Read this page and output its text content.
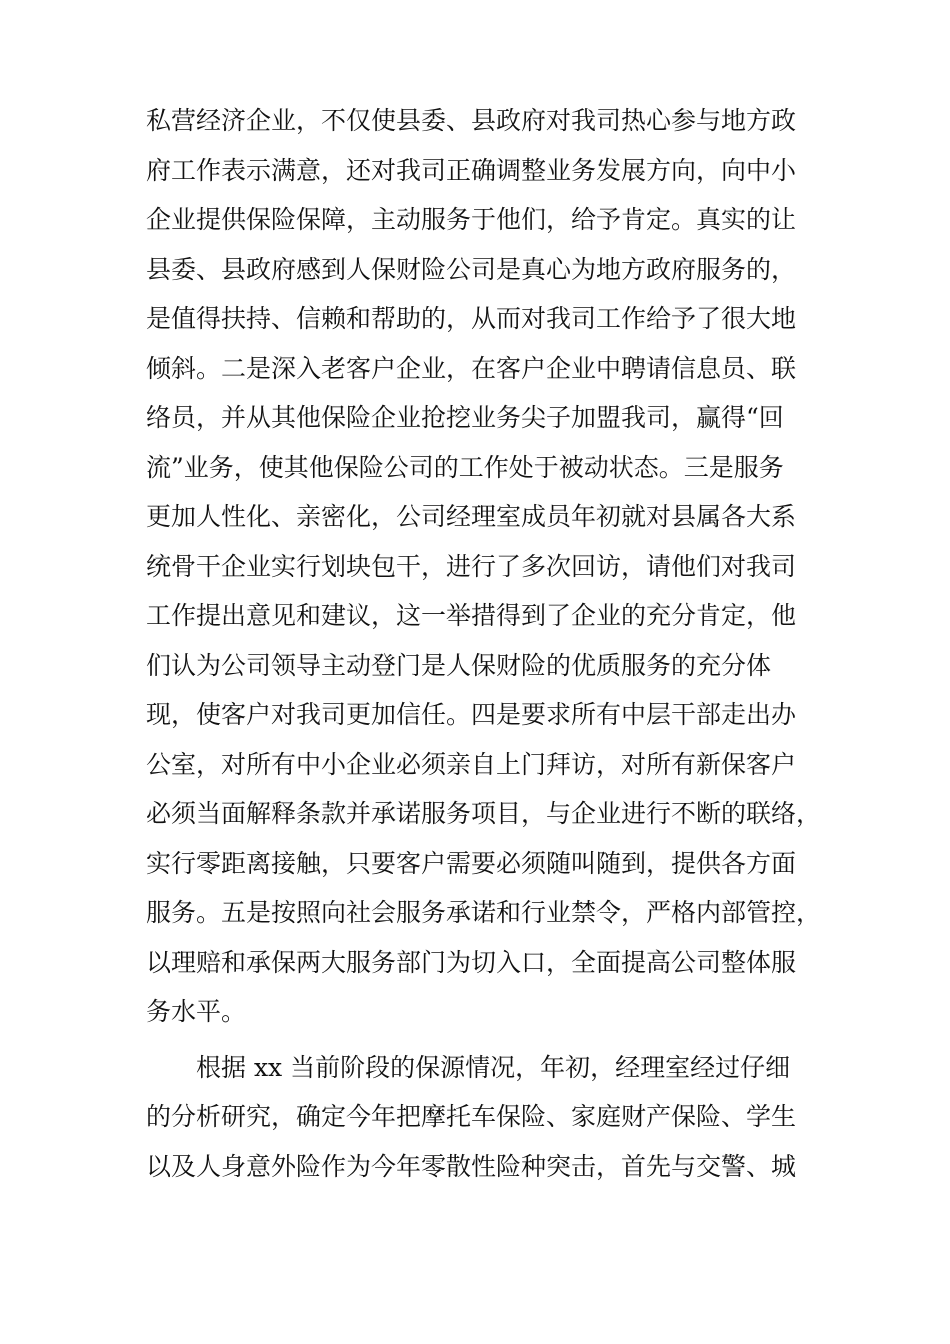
私营经济企业，不仅使县委、县政府对我司热心参与地方政
府工作表示满意，还对我司正确调整业务发展方向，向中小
企业提供保险保障，主动服务于他们，给予肯定。真实的让
县委、县政府感到人保财险公司是真心为地方政府服务的，
是值得扶持、信赖和帮助的，从而对我司工作给予了很大地
倾斜。二是深入老客户企业，在客户企业中聘请信息员、联
络员，并从其他保险企业抢挖业务尖子加盟我司，赢得“回
流”业务，使其他保险公司的工作处于被动状态。三是服务
更加人性化、亲密化，公司经理室成员年初就对县属各大系
统骨干企业实行划块包干，进行了多次回访，请他们对我司
工作提出意见和建议，这一举措得到了企业的充分肯定，他
们认为公司领导主动登门是人保财险的优质服务的充分体
现，使客户对我司更加信任。四是要求所有中层干部走出办
公室，对所有中小企业必须亲自上门拜访，对所有新保客户
必须当面解释条款并承诺服务项目，与企业进行不断的联络，
实行零距离接触，只要客户需要必须随叫随到，提供各方面
服务。五是按照向社会服务承诺和行业禁令，严格内部管控，
以理赔和承保两大服务部门为切入口，全面提高公司整体服
务水平。
根据 xx 当前阶段的保源情况，年初，经理室经过仔细
的分析研究，确定今年把摩托车保险、家庭财产保险、学生
以及人身意外险作为今年零散性险种突击，首先与交警、城
